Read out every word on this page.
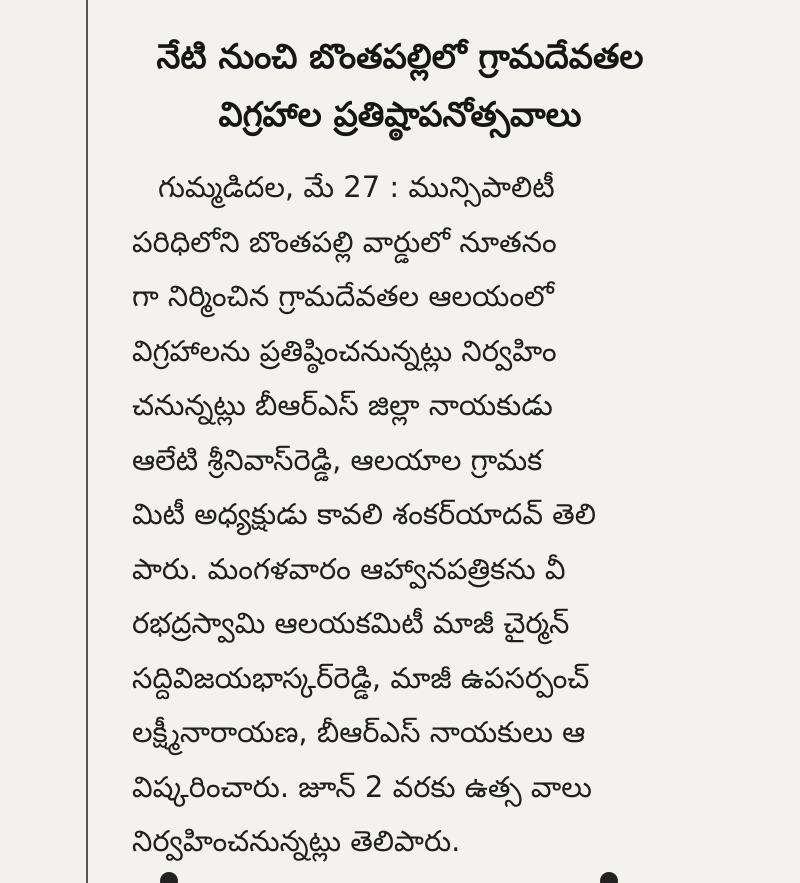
నేటి నుంచి బొంతపల్లిలో గ్రామదేవతల
విగ్రహాల ప్రతిష్ఠాపనోత్సవాలు
గుమ్మడిదల, మే 27 : మున్సిపాలిటీ
పరిధిలోని బొంతపల్లి వార్డులో నూతనం
గా నిర్మించిన గ్రామదేవతల ఆలయంలో
విగ్రహాలను ప్రతిష్ఠించనున్నట్లు నిర్వహిం
చనున్నట్లు బీఆర్ఎస్ జిల్లా నాయకుడు
ఆలేటి శ్రీనివాస్‌రెడ్డి, ఆలయాల గ్రామక
మిటీ అధ్యక్షుడు కావలి శంకర్‌యాదవ్ తెలి
పారు. మంగళవారం ఆహ్వానపత్రికను వీ
రభద్రస్వామి ఆలయకమిటీ మాజీ చైర్మన్
సద్దివిజయభాస్కర్‌రెడ్డి, మాజీ ఉపసర్పంచ్
లక్ష్మీనారాయణ, బీఆర్ఎస్ నాయకులు ఆ
విష్కరించారు. జూన్ 2 వరకు ఉత్స వాలు
నిర్వహించనున్నట్లు తెలిపారు.
